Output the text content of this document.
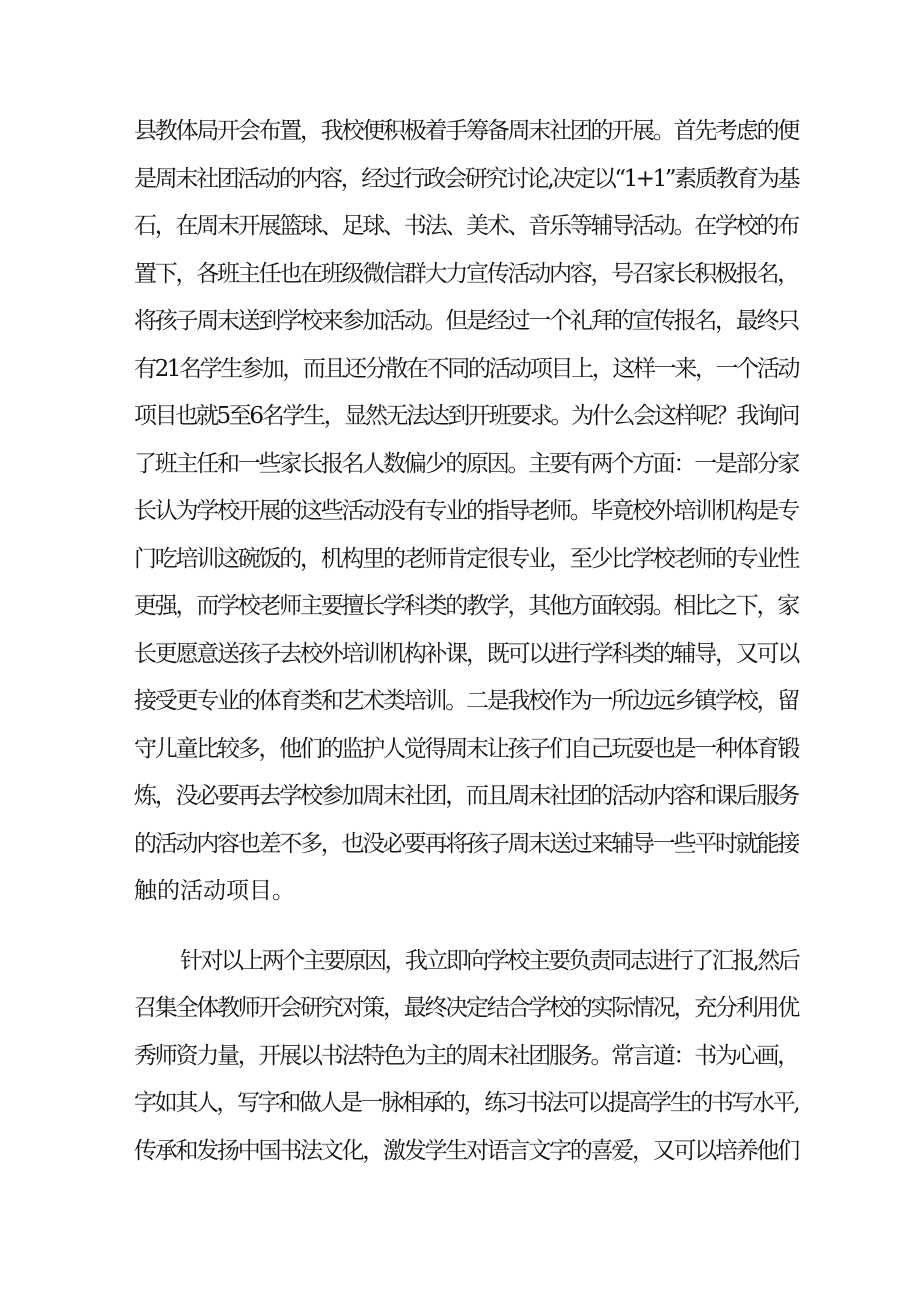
县教体局开会布置，我校便积极着手筹备周末社团的开展。首先考虑的便
是周末社团活动的内容，经过行政会研究讨论,决定以“1+1”素质教育为基
石，在周末开展篮球、足球、书法、美术、音乐等辅导活动。在学校的布
置下，各班主任也在班级微信群大力宣传活动内容，号召家长积极报名，
将孩子周末送到学校来参加活动。但是经过一个礼拜的宣传报名，最终只
有21名学生参加，而且还分散在不同的活动项目上，这样一来，一个活动
项目也就5至6名学生，显然无法达到开班要求。为什么会这样呢？我询问
了班主任和一些家长报名人数偏少的原因。主要有两个方面：一是部分家
长认为学校开展的这些活动没有专业的指导老师。毕竟校外培训机构是专
门吃培训这碗饭的，机构里的老师肯定很专业，至少比学校老师的专业性
更强，而学校老师主要擅长学科类的教学，其他方面较弱。相比之下，家
长更愿意送孩子去校外培训机构补课，既可以进行学科类的辅导，又可以
接受更专业的体育类和艺术类培训。二是我校作为一所边远乡镇学校，留
守儿童比较多，他们的监护人觉得周末让孩子们自己玩耍也是一种体育锻
炼，没必要再去学校参加周末社团，而且周末社团的活动内容和课后服务
的活动内容也差不多，也没必要再将孩子周末送过来辅导一些平时就能接
触的活动项目。
针对以上两个主要原因，我立即向学校主要负责同志进行了汇报,然后
召集全体教师开会研究对策，最终决定结合学校的实际情况，充分利用优
秀师资力量，开展以书法特色为主的周末社团服务。常言道：书为心画，
字如其人，写字和做人是一脉相承的，练习书法可以提高学生的书写水平,
传承和发扬中国书法文化，激发学生对语言文字的喜爱，又可以培养他们
